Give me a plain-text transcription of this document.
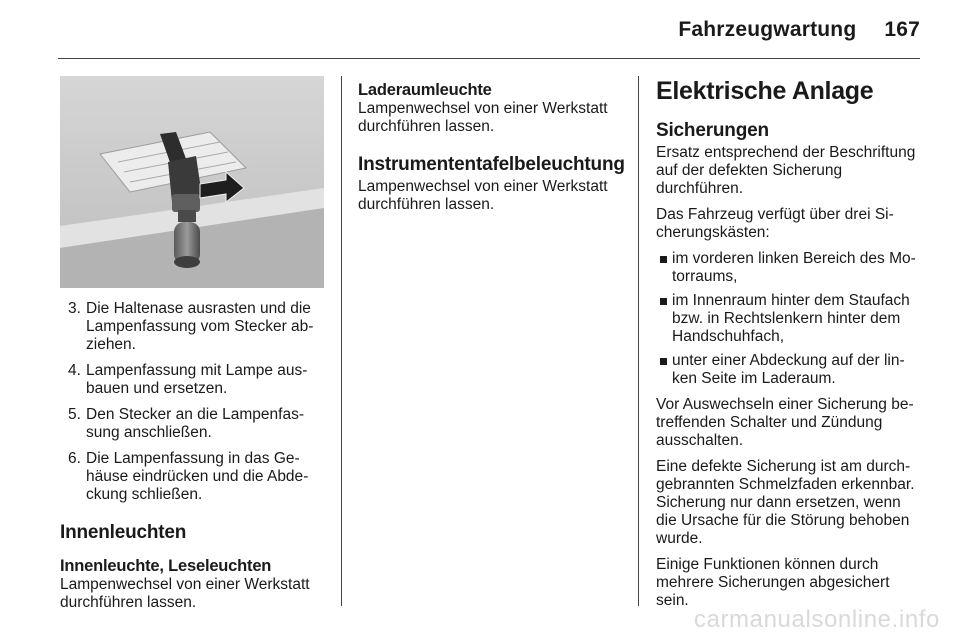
Fahrzeugwartung 167
3. Die Haltenase ausrasten und die Lampenfassung vom Stecker abziehen.
4. Lampenfassung mit Lampe ausbauen und ersetzen.
5. Den Stecker an die Lampenfassung anschließen.
6. Die Lampenfassung in das Gehäuse eindrücken und die Abdeckung schließen.
Innenleuchten
Innenleuchte, Leseleuchten

Lampenwechsel von einer Werkstatt durchführen lassen.

Laderaumleuchte

Lampenwechsel von einer Werkstatt durchführen lassen.

Instrumententafelbeleuchtung

Lampenwechsel von einer Werkstatt durchführen lassen.

Elektrische Anlage
Sicherungen

Ersatz entsprechend der Beschriftung auf der defekten Sicherung durchführen.

Das Fahrzeug verfügt über drei Sicherungskästen:

im vorderen linken Bereich des Motorraums,
im Innenraum hinter dem Staufach bzw. in Rechtslenkern hinter dem Handschuhfach,
unter einer Abdeckung auf der linken Seite im Laderaum.

Vor Auswechseln einer Sicherung betreffenden Schalter und Zündung ausschalten.

Eine defekte Sicherung ist am durchgebrannten Schmelzfaden erkennbar. Sicherung nur dann ersetzen, wenn die Ursache für die Störung behoben wurde.

Einige Funktionen können durch mehrere Sicherungen abgesichert sein.

carmanualsonline.info
